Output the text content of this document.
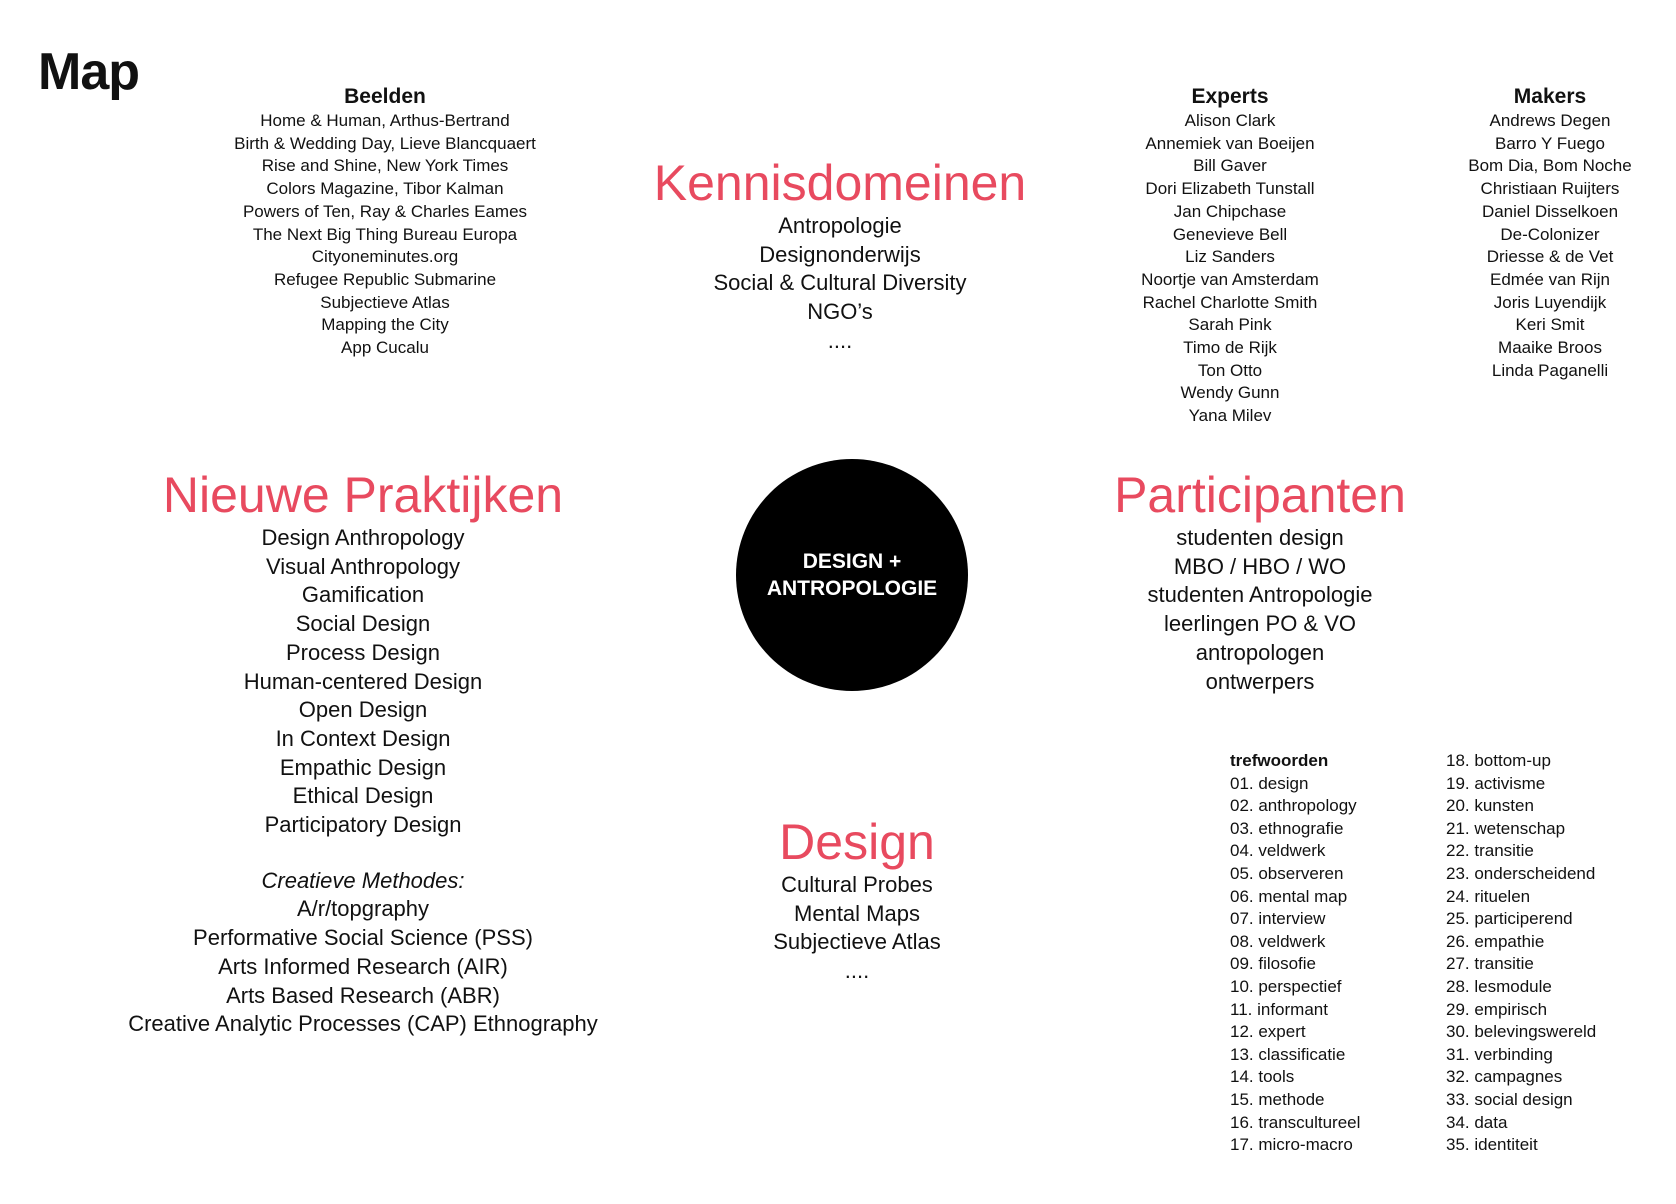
Map	Beelden
Home & Human, Arthus-Bertrand
Birth & Wedding Day, Lieve Blancquaert
Rise and Shine, New York Times
Colors Magazine, Tibor Kalman
Powers of Ten, Ray & Charles Eames
The Next Big Thing Bureau Europa
Cityoneminutes.org
Refugee Republic Submarine
Subjectieve Atlas
Mapping the City
App Cucalu
Kennisdomeinen
Antropologie
Designonderwijs
Social & Cultural Diversity
NGO’s
....
Experts
Alison Clark
Annemiek van Boeijen
Bill Gaver
Dori Elizabeth Tunstall
Jan Chipchase
Genevieve Bell
Liz Sanders
Noortje van Amsterdam
Rachel Charlotte Smith
Sarah Pink
Timo de Rijk
Ton Otto
Wendy Gunn
Yana Milev
Makers
Andrews Degen
Barro Y Fuego
Bom Dia, Bom Noche
Christiaan Ruijters
Daniel Disselkoen
De-Colonizer
Driesse & de Vet
Edmée van Rijn
Joris Luyendijk
Keri Smit
Maaike Broos
Linda Paganelli
Nieuwe Praktijken
Design Anthropology
Visual Anthropology
Gamification
Social Design
Process Design
Human-centered Design
Open Design
In Context Design
Empathic Design
Ethical Design
Participatory Design
Creatieve Methodes:
A/r/topgraphy
Performative Social Science (PSS)
Arts Informed Research (AIR)
Arts Based Research (ABR)
Creative Analytic Processes (CAP) Ethnography
DESIGN +
ANTROPOLOGIE
Participanten
studenten design
MBO / HBO / WO
studenten Antropologie
leerlingen PO & VO
antropologen
ontwerpers
Design
Cultural Probes
Mental Maps
Subjectieve Atlas
....
trefwoorden
01. design
02. anthropology
03. ethnografie
04. veldwerk
05. observeren
06. mental map
07. interview
08. veldwerk
09. filosofie
10. perspectief
11. informant
12. expert
13. classificatie
14. tools
15. methode
16. transcultureel
17. micro-macro
18. bottom-up
19. activisme
20. kunsten
21. wetenschap
22. transitie
23. onderscheidend
24. rituelen
25. participerend
26. empathie
27. transitie
28. lesmodule
29. empirisch
30. belevingswereld
31. verbinding
32. campagnes
33. social design
34. data
35. identiteit
